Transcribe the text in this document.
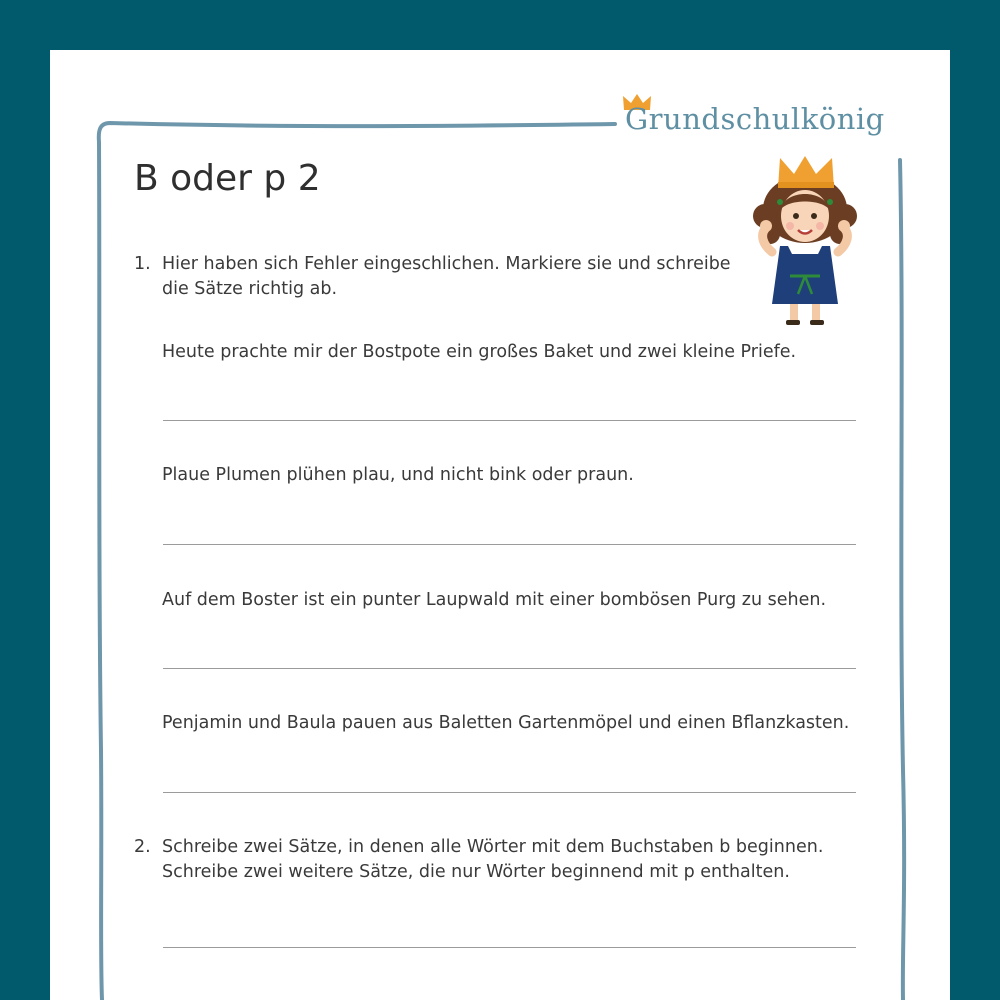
Grundschulkönig
B oder p 2
1. Hier haben sich Fehler eingeschlichen. Markiere sie und schreibe
die Sätze richtig ab.
Heute prachte mir der Bostpote ein großes Baket und zwei kleine Priefe.
Plaue Plumen plühen plau, und nicht bink oder praun.
Auf dem Boster ist ein punter Laupwald mit einer bombösen Purg zu sehen.
Penjamin und Baula pauen aus Baletten Gartenmöpel und einen Bflanzkasten.
2. Schreibe zwei Sätze, in denen alle Wörter mit dem Buchstaben b beginnen.
Schreibe zwei weitere Sätze, die nur Wörter beginnend mit p enthalten.
